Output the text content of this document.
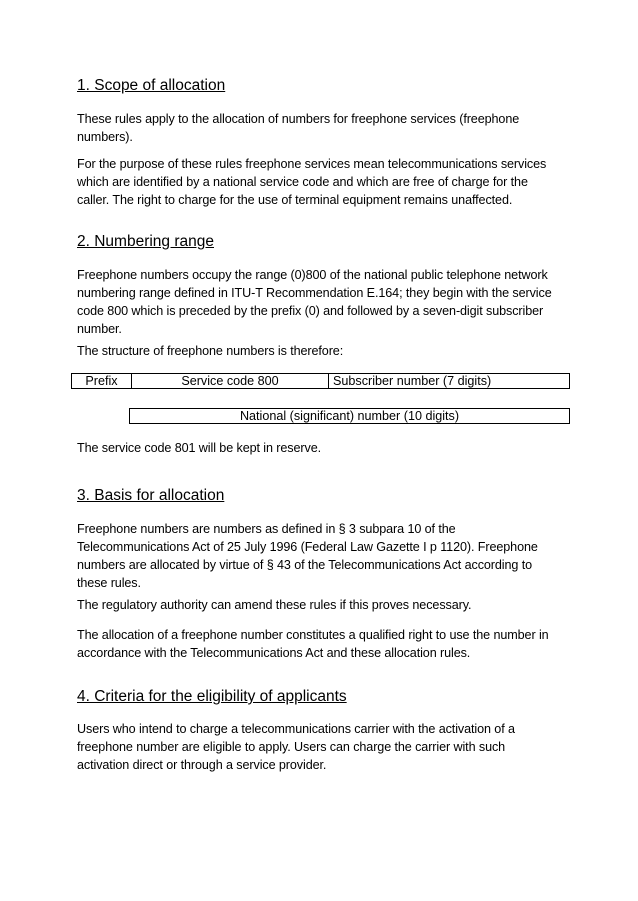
1. Scope of allocation
These rules apply to the allocation of numbers for freephone services (freephone
numbers).
For the purpose of these rules freephone services mean telecommunications services
which are identified by a national service code and which are free of charge for the
caller. The right to charge for the use of terminal equipment remains unaffected.
2. Numbering range
Freephone numbers occupy the range (0)800 of the national public telephone network
numbering range defined in ITU-T Recommendation E.164; they begin with the service
code 800 which is preceded by the prefix (0) and followed by a seven-digit subscriber
number.
The structure of freephone numbers is therefore:
Prefix	Service code 800	Subscriber number (7 digits)
National (significant) number (10 digits)
The service code 801 will be kept in reserve.
3. Basis for allocation
Freephone numbers are numbers as defined in § 3 subpara 10 of the
Telecommunications Act of 25 July 1996 (Federal Law Gazette I p 1120). Freephone
numbers are allocated by virtue of § 43 of the Telecommunications Act according to
these rules.
The regulatory authority can amend these rules if this proves necessary.
The allocation of a freephone number constitutes a qualified right to use the number in
accordance with the Telecommunications Act and these allocation rules.
4. Criteria for the eligibility of applicants
Users who intend to charge a telecommunications carrier with the activation of a
freephone number are eligible to apply. Users can charge the carrier with such
activation direct or through a service provider.
